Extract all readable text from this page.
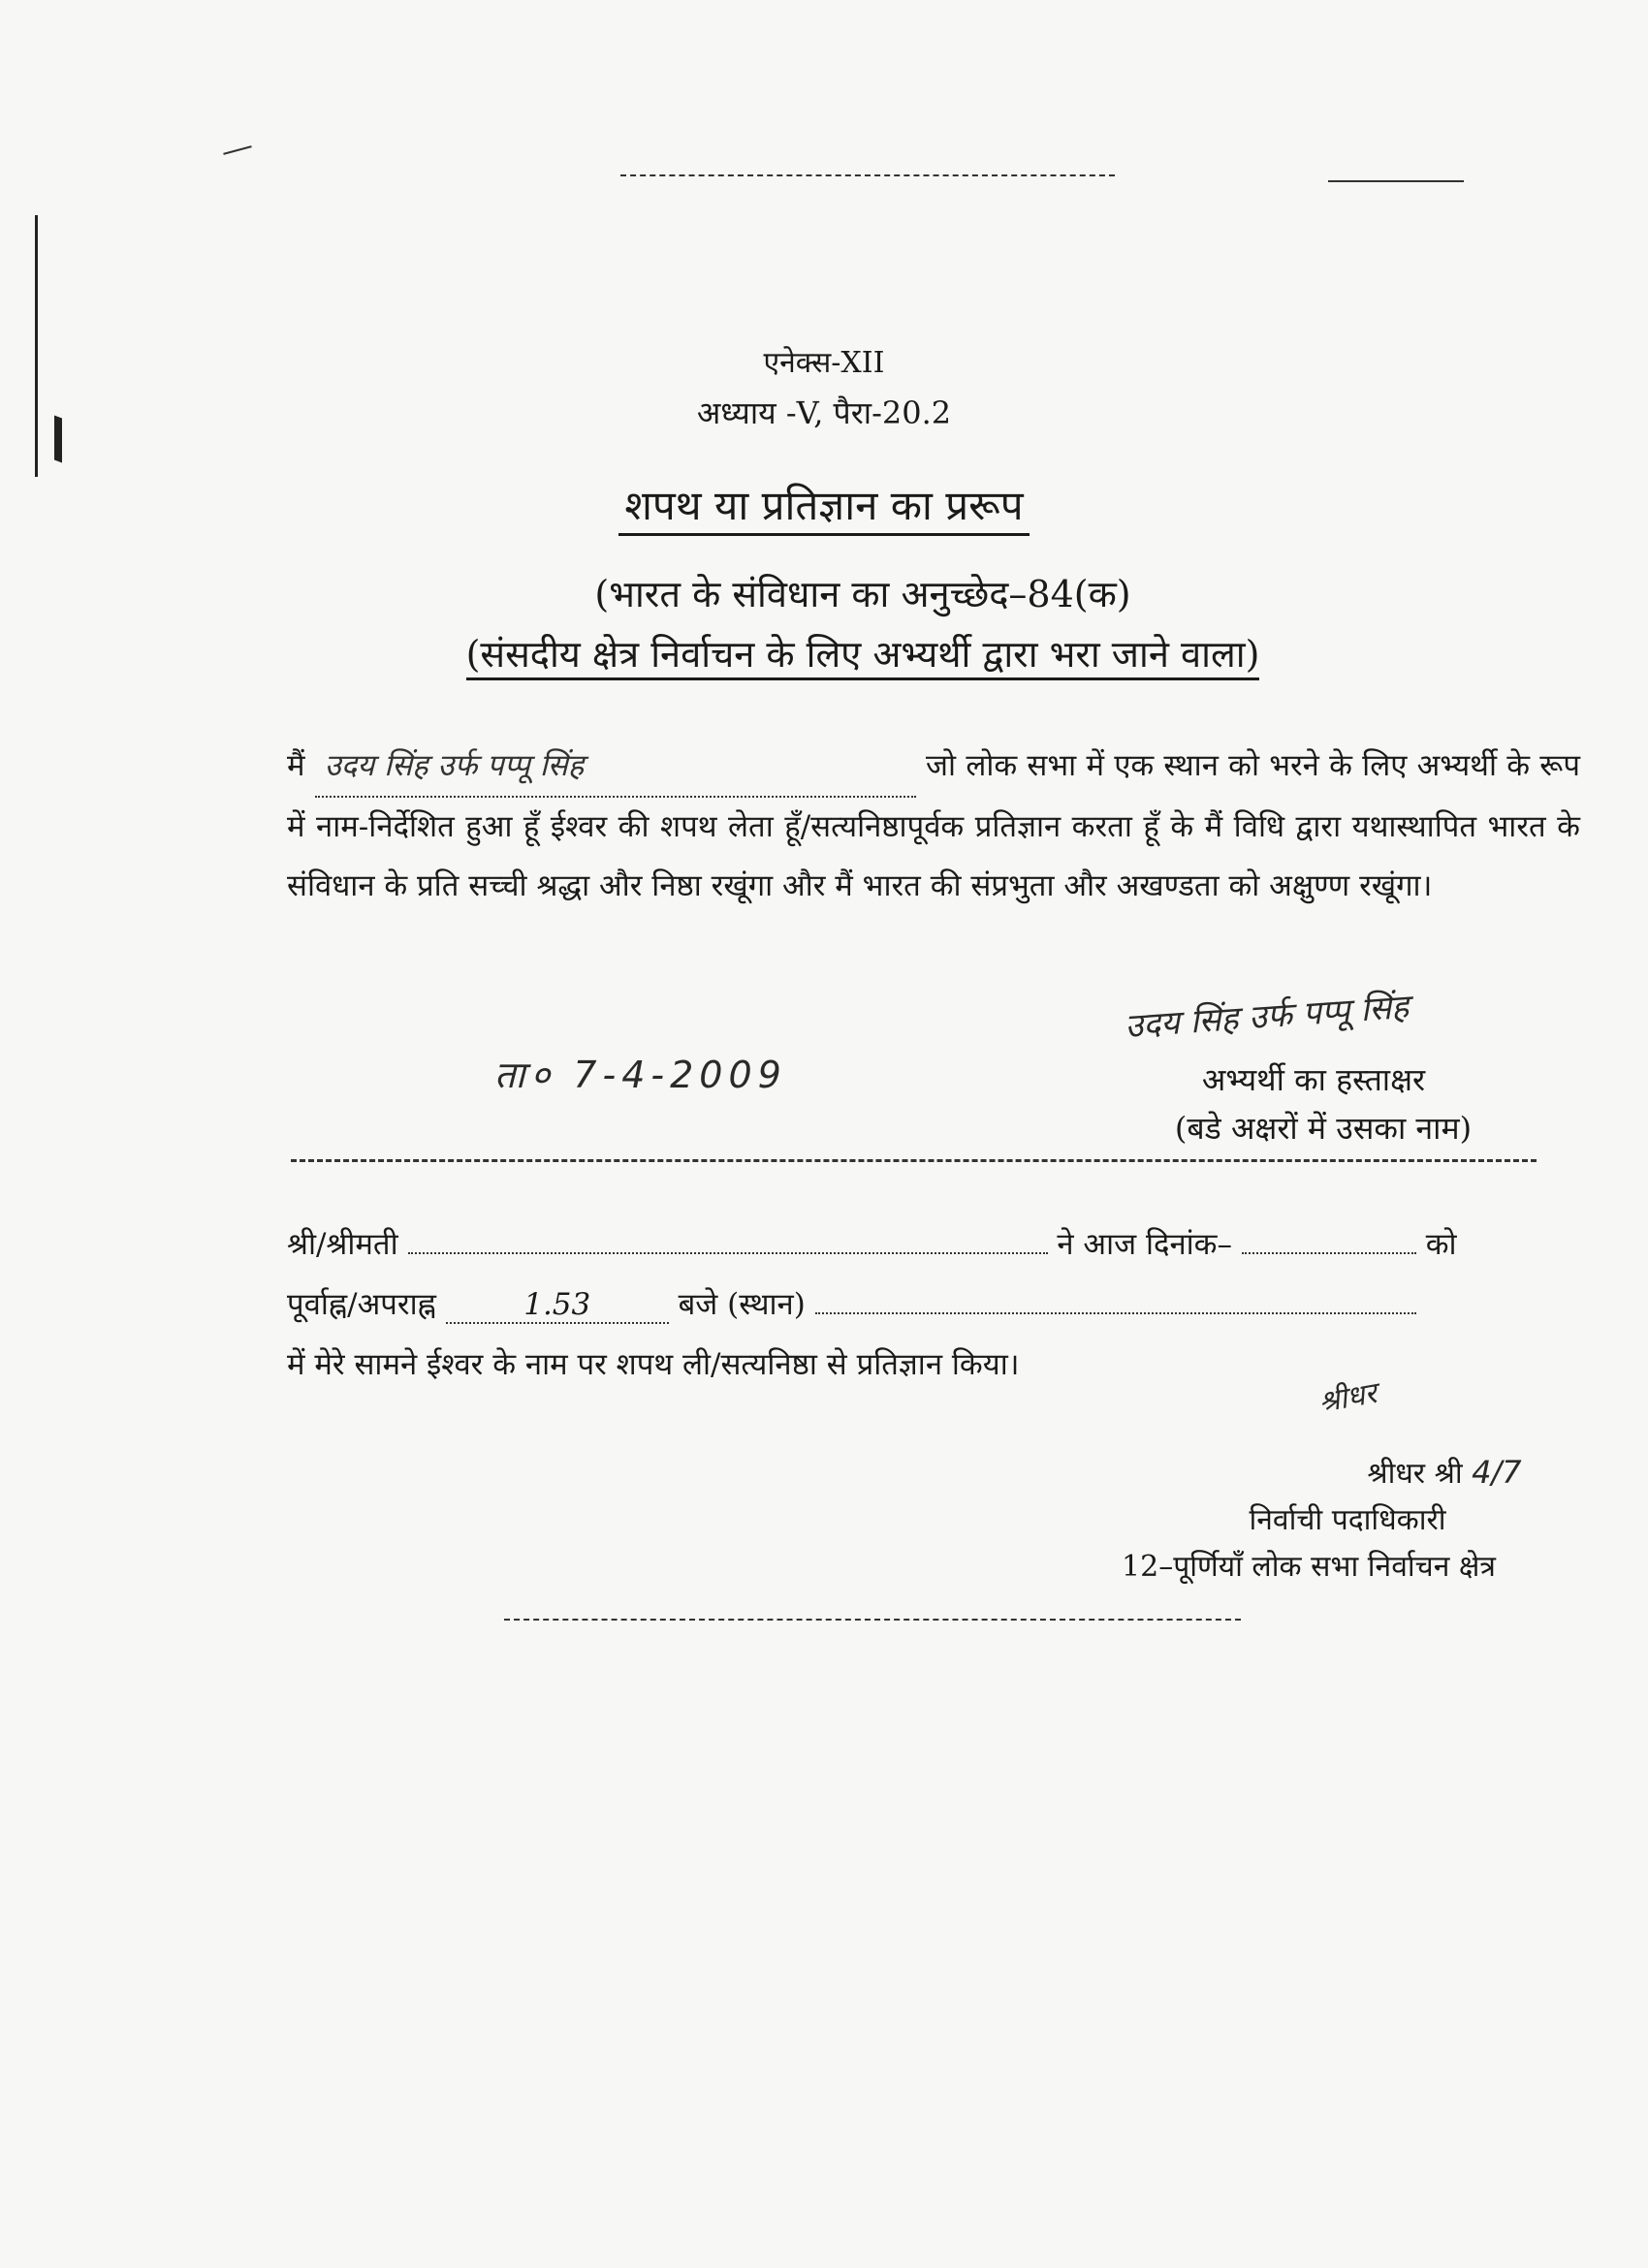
एनेक्स-XII
अध्याय -V, पैरा-20.2
शपथ या प्रतिज्ञान का प्ररूप
(भारत के संविधान का अनुच्छेद–84(क)
(संसदीय क्षेत्र निर्वाचन के लिए अभ्यर्थी द्वारा भरा जाने वाला)
मैं उदय सिंह उर्फ पप्पू सिंह	जो लोक सभा में एक स्थान को भरने के लिए अभ्यर्थी के रूप में नाम-निर्देशित हुआ हूँ ईश्वर की शपथ लेता हूँ/सत्यनिष्ठापूर्वक प्रतिज्ञान करता हूँ के मैं विधि द्वारा यथास्थापित भारत के संविधान के प्रति सच्ची श्रद्धा और निष्ठा रखूंगा और मैं भारत की संप्रभुता और अखण्डता को अक्षुण्ण रखूंगा।
उदय सिंह उर्फ पप्पू सिंह
ता० 7-4-2009	अभ्यर्थी का हस्ताक्षर
(बडे अक्षरों में उसका नाम)
श्री/श्रीमती	ने आज दिनांक–	को
पूर्वाह्न/अपराह्न	1.53	बजे (स्थान)
में मेरे सामने ईश्वर के नाम पर शपथ ली/सत्यनिष्ठा से प्रतिज्ञान किया।
श्रीधर
श्रीधर श्री 4/7
निर्वाची पदाधिकारी
12–पूर्णियाँ लोक सभा निर्वाचन क्षेत्र
